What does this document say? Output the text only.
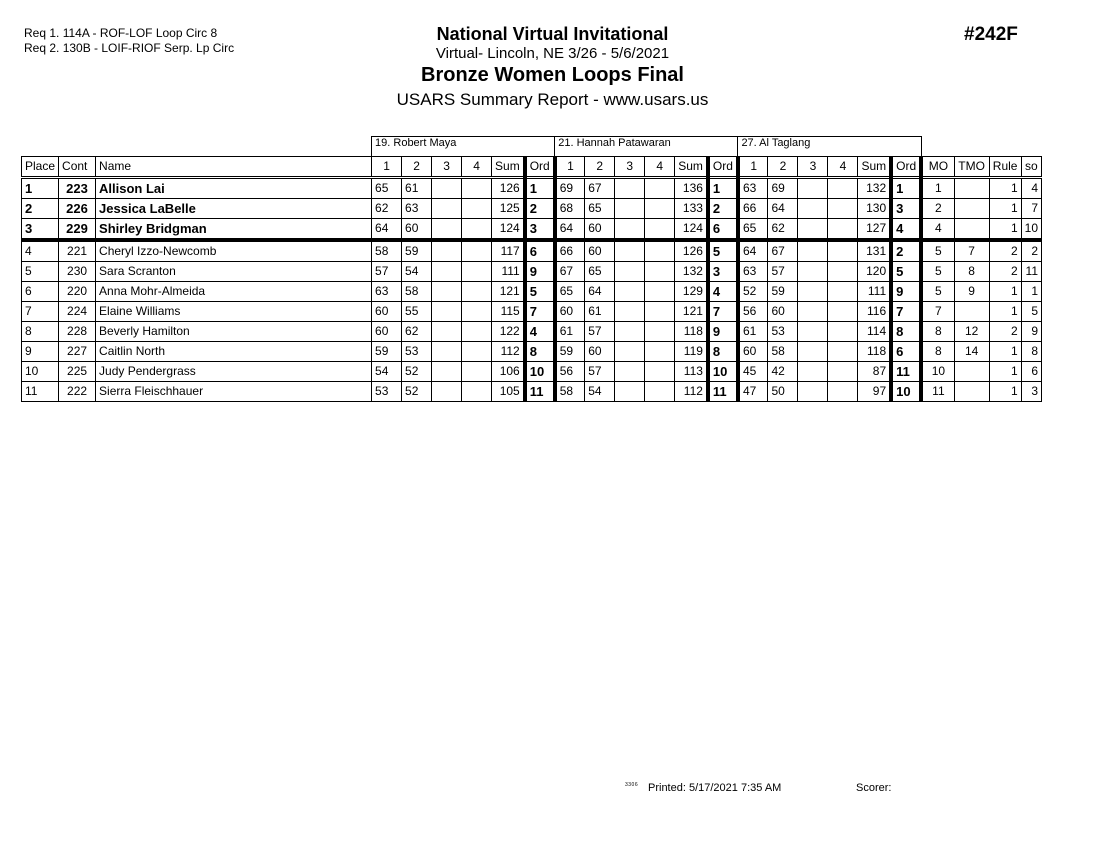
Req 1. 114A - ROF-LOF Loop Circ 8
Req 2. 130B - LOIF-RIOF Serp. Lp Circ
National Virtual Invitational
Virtual- Lincoln, NE 3/26 - 5/6/2021
Bronze Women Loops Final
USARS Summary Report - www.usars.us
#242F
			19. Robert Maya						21. Hannah Patawaran						27. Al Taglang									
Place	Cont	Name	1	2	3	4	Sum	Ord	1	2	3	4	Sum	Ord	1	2	3	4	Sum	Ord	MO	TMO	Rule	so
1	223	Allison Lai	65	61			126	1	69	67			136	1	63	69			132	1	1		1	4
2	226	Jessica LaBelle	62	63			125	2	68	65			133	2	66	64			130	3	2		1	7
3	229	Shirley Bridgman	64	60			124	3	64	60			124	6	65	62			127	4	4		1	10
4	221	Cheryl Izzo-Newcomb	58	59			117	6	66	60			126	5	64	67			131	2	5	7	2	2
5	230	Sara Scranton	57	54			111	9	67	65			132	3	63	57			120	5	5	8	2	11
6	220	Anna Mohr-Almeida	63	58			121	5	65	64			129	4	52	59			111	9	5	9	1	1
7	224	Elaine Williams	60	55			115	7	60	61			121	7	56	60			116	7	7		1	5
8	228	Beverly Hamilton	60	62			122	4	61	57			118	9	61	53			114	8	8	12	2	9
9	227	Caitlin North	59	53			112	8	59	60			119	8	60	58			118	6	8	14	1	8
10	225	Judy Pendergrass	54	52			106	10	56	57			113	10	45	42			87	11	10		1	6
11	222	Sierra Fleischhauer	53	52			105	11	58	54			112	11	47	50			97	10	11		1	3
3306 Printed: 5/17/2021 7:35 AM	Scorer:
